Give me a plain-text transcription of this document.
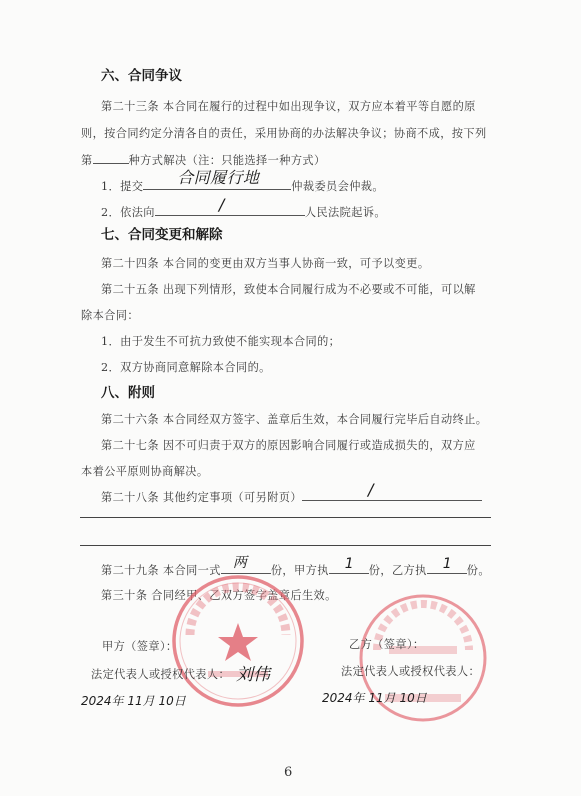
六、合同争议
第二十三条 本合同在履行的过程中如出现争议，双方应本着平等自愿的原
则，按合同约定分清各自的责任，采用协商的办法解决争议；协商不成，按下列
第	种方式解决（注：只能选择一种方式）
1．提交 合同履行地	仲裁委员会仲裁。
2．依法向	/	人民法院起诉。
七、合同变更和解除
第二十四条 本合同的变更由双方当事人协商一致，可予以变更。
第二十五条 出现下列情形，致使本合同履行成为不必要或不可能，可以解
除本合同：
1．由于发生不可抗力致使不能实现本合同的；
2．双方协商同意解除本合同的。
八、附则
第二十六条 本合同经双方签字、盖章后生效，本合同履行完毕后自动终止。
第二十七条 因不可归责于双方的原因影响合同履行或造成损失的，双方应
本着公平原则协商解决。
第二十八条 其他约定事项（可另附页）	/
第二十九条 本合同一式 两 份，甲方执 1 份，乙方执 1 份。
第三十条 合同经甲、乙双方签字盖章后生效。
甲方（签章）：
法定代表人或授权代表人： 刘伟
2024年 11月 10日
乙方（签章）：
法定代表人或授权代表人：
2024年 11月 10日
6
